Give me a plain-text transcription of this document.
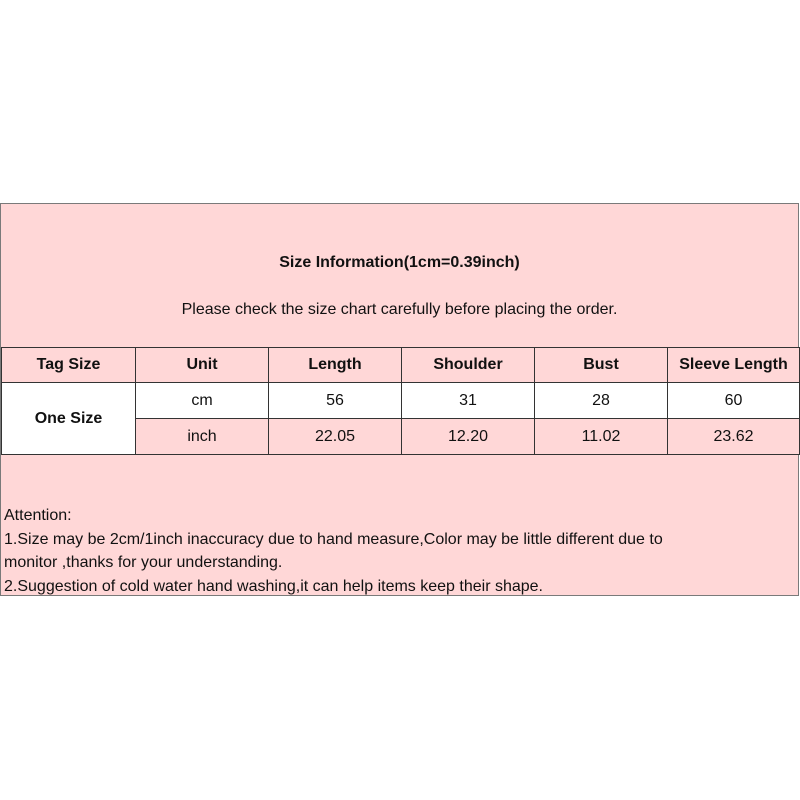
Size Information(1cm=0.39inch)
Please check the size chart carefully before placing the order.
Tag Size	Unit	Length	Shoulder	Bust	Sleeve Length
One Size	cm	56	31	28	60
	inch	22.05	12.20	11.02	23.62
Attention:
1.Size may be 2cm/1inch inaccuracy due to hand measure,Color may be little different due to
monitor ,thanks for your understanding.
2.Suggestion of cold water hand washing,it can help items keep their shape.
